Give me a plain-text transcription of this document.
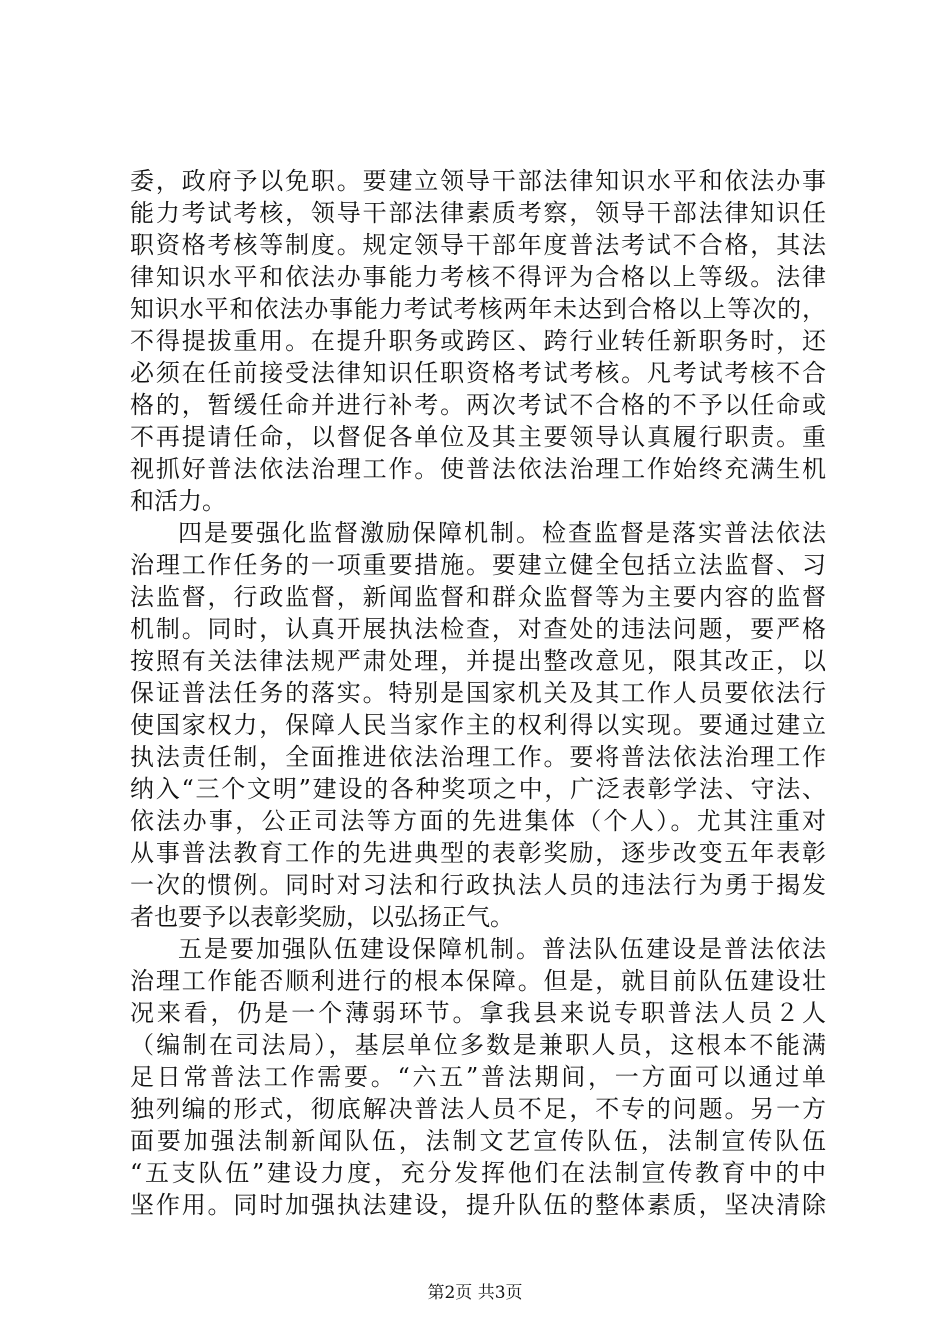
委，政府予以免职。要建立领导干部法律知识水平和依法办事
能力考试考核，领导干部法律素质考察，领导干部法律知识任
职资格考核等制度。规定领导干部年度普法考试不合格，其法
律知识水平和依法办事能力考核不得评为合格以上等级。法律
知识水平和依法办事能力考试考核两年未达到合格以上等次的，
不得提拔重用。在提升职务或跨区、跨行业转任新职务时，还
必须在任前接受法律知识任职资格考试考核。凡考试考核不合
格的，暂缓任命并进行补考。两次考试不合格的不予以任命或
不再提请任命，以督促各单位及其主要领导认真履行职责。重
视抓好普法依法治理工作。使普法依法治理工作始终充满生机
和活力。
四是要强化监督激励保障机制。检查监督是落实普法依法
治理工作任务的一项重要措施。要建立健全包括立法监督、习
法监督，行政监督，新闻监督和群众监督等为主要内容的监督
机制。同时，认真开展执法检查，对查处的违法问题，要严格
按照有关法律法规严肃处理，并提出整改意见，限其改正，以
保证普法任务的落实。特别是国家机关及其工作人员要依法行
使国家权力，保障人民当家作主的权利得以实现。要通过建立
执法责任制，全面推进依法治理工作。要将普法依法治理工作
纳入“三个文明”建设的各种奖项之中，广泛表彰学法、守法、
依法办事，公正司法等方面的先进集体（个人）。尤其注重对
从事普法教育工作的先进典型的表彰奖励，逐步改变五年表彰
一次的惯例。同时对习法和行政执法人员的违法行为勇于揭发
者也要予以表彰奖励，以弘扬正气。
五是要加强队伍建设保障机制。普法队伍建设是普法依法
治理工作能否顺利进行的根本保障。但是，就目前队伍建设壮
况来看，仍是一个薄弱环节。拿我县来说专职普法人员２人
（编制在司法局），基层单位多数是兼职人员，这根本不能满
足日常普法工作需要。“六五”普法期间，一方面可以通过单
独列编的形式，彻底解决普法人员不足，不专的问题。另一方
面要加强法制新闻队伍，法制文艺宣传队伍，法制宣传队伍
“五支队伍”建设力度，充分发挥他们在法制宣传教育中的中
坚作用。同时加强执法建设，提升队伍的整体素质，坚决清除
第2页 共3页
